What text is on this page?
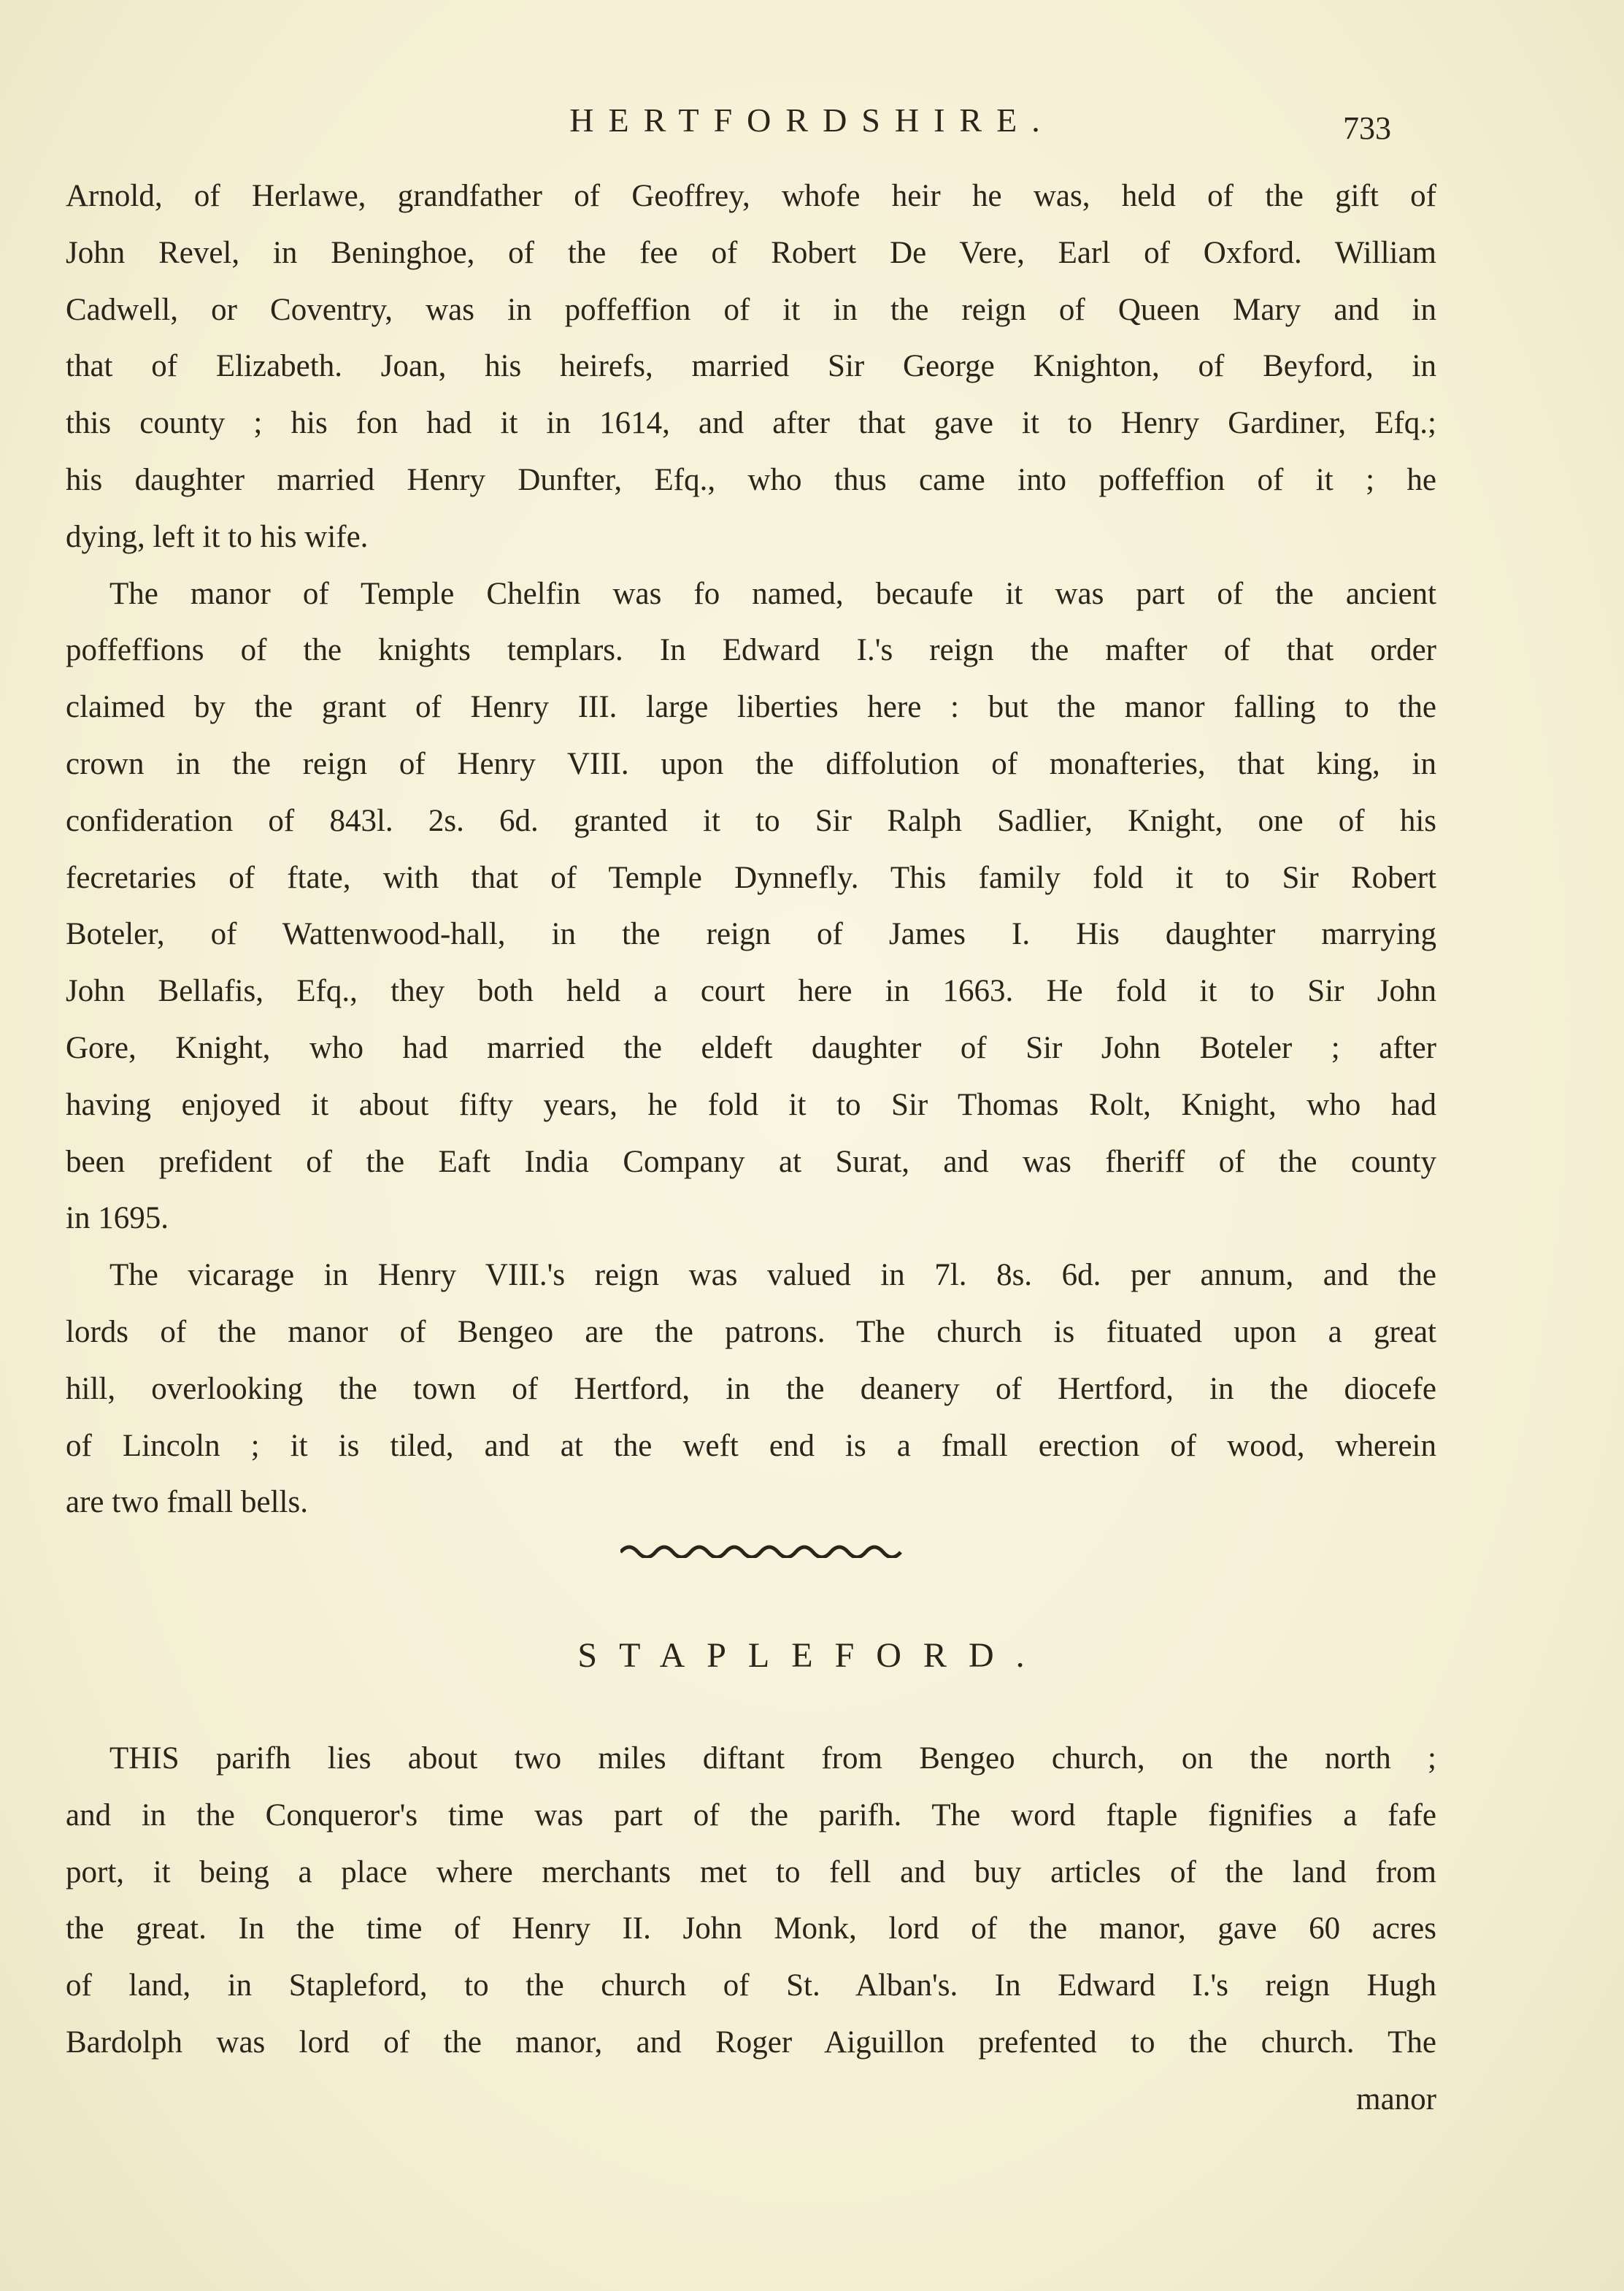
HERTFORDSHIRE.	733
Arnold, of Herlawe, grandfather of Geoffrey, whofe heir he was, held of the gift of
John Revel, in Beninghoe, of the fee of Robert De Vere, Earl of Oxford. William
Cadwell, or Coventry, was in poffeffion of it in the reign of Queen Mary and in
that of Elizabeth. Joan, his heirefs, married Sir George Knighton, of Beyford, in
this county ; his fon had it in 1614, and after that gave it to Henry Gardiner, Efq.;
his daughter married Henry Dunfter, Efq., who thus came into poffeffion of it ; he
dying, left it to his wife.
The manor of Temple Chelfin was fo named, becaufe it was part of the ancient
poffeffions of the knights templars. In Edward I.'s reign the mafter of that order
claimed by the grant of Henry III. large liberties here : but the manor falling to the
crown in the reign of Henry VIII. upon the diffolution of monafteries, that king, in
confideration of 843l. 2s. 6d. granted it to Sir Ralph Sadlier, Knight, one of his
fecretaries of ftate, with that of Temple Dynnefly. This family fold it to Sir Robert
Boteler, of Wattenwood-hall, in the reign of James I. His daughter marrying
John Bellafis, Efq., they both held a court here in 1663. He fold it to Sir John
Gore, Knight, who had married the eldeft daughter of Sir John Boteler ; after
having enjoyed it about fifty years, he fold it to Sir Thomas Rolt, Knight, who had
been prefident of the Eaft India Company at Surat, and was fheriff of the county
in 1695.
The vicarage in Henry VIII.'s reign was valued in 7l. 8s. 6d. per annum, and the
lords of the manor of Bengeo are the patrons. The church is fituated upon a great
hill, overlooking the town of Hertford, in the deanery of Hertford, in the diocefe
of Lincoln ; it is tiled, and at the weft end is a fmall erection of wood, wherein
are two fmall bells.
STAPLEFORD.
THIS parifh lies about two miles diftant from Bengeo church, on the north ;
and in the Conqueror's time was part of the parifh. The word ftaple fignifies a fafe
port, it being a place where merchants met to fell and buy articles of the land from
the great. In the time of Henry II. John Monk, lord of the manor, gave 60 acres
of land, in Stapleford, to the church of St. Alban's. In Edward I.'s reign Hugh
Bardolph was lord of the manor, and Roger Aiguillon prefented to the church. The
manor
